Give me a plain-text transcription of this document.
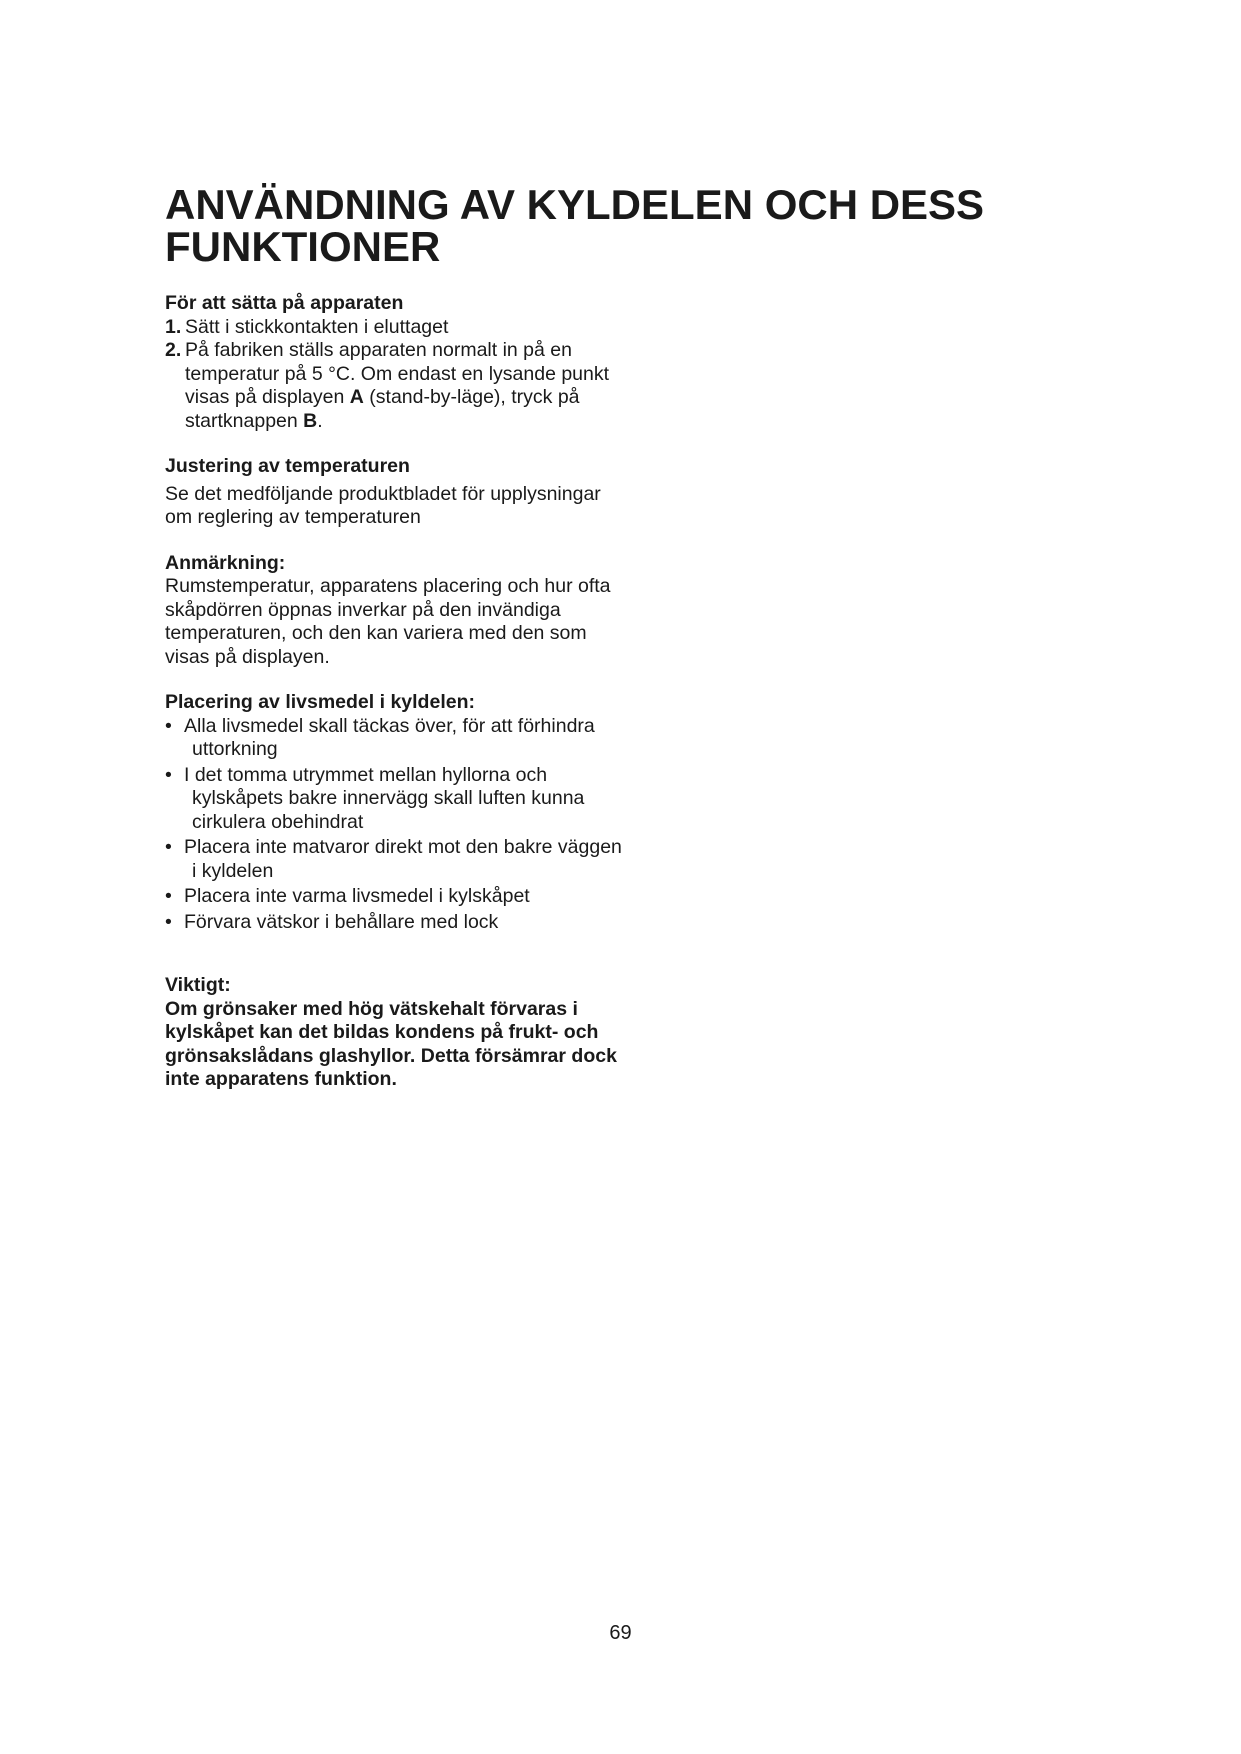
ANVÄNDNING AV KYLDELEN OCH DESS
FUNKTIONER

För att sätta på apparaten

1. Sätt i stickkontakten i eluttaget
2. På fabriken ställs apparaten normalt in på en temperatur på 5 °C. Om endast en lysande punkt visas på displayen A (stand-by-läge), tryck på startknappen B.

Justering av temperaturen

Se det medföljande produktbladet för upplysningar om reglering av temperaturen

Anmärkning:

Rumstemperatur, apparatens placering och hur ofta skåpdörren öppnas inverkar på den invändiga temperaturen, och den kan variera med den som visas på displayen.

Placering av livsmedel i kyldelen:

• Alla livsmedel skall täckas över, för att förhindra uttorkning
• I det tomma utrymmet mellan hyllorna och kylskåpets bakre innervägg skall luften kunna cirkulera obehindrat
• Placera inte matvaror direkt mot den bakre väggen i kyldelen
• Placera inte varma livsmedel i kylskåpet
• Förvara vätskor i behållare med lock

Viktigt:

Om grönsaker med hög vätskehalt förvaras i kylskåpet kan det bildas kondens på frukt- och grönsakslådans glashyllor. Detta försämrar dock inte apparatens funktion.

69
